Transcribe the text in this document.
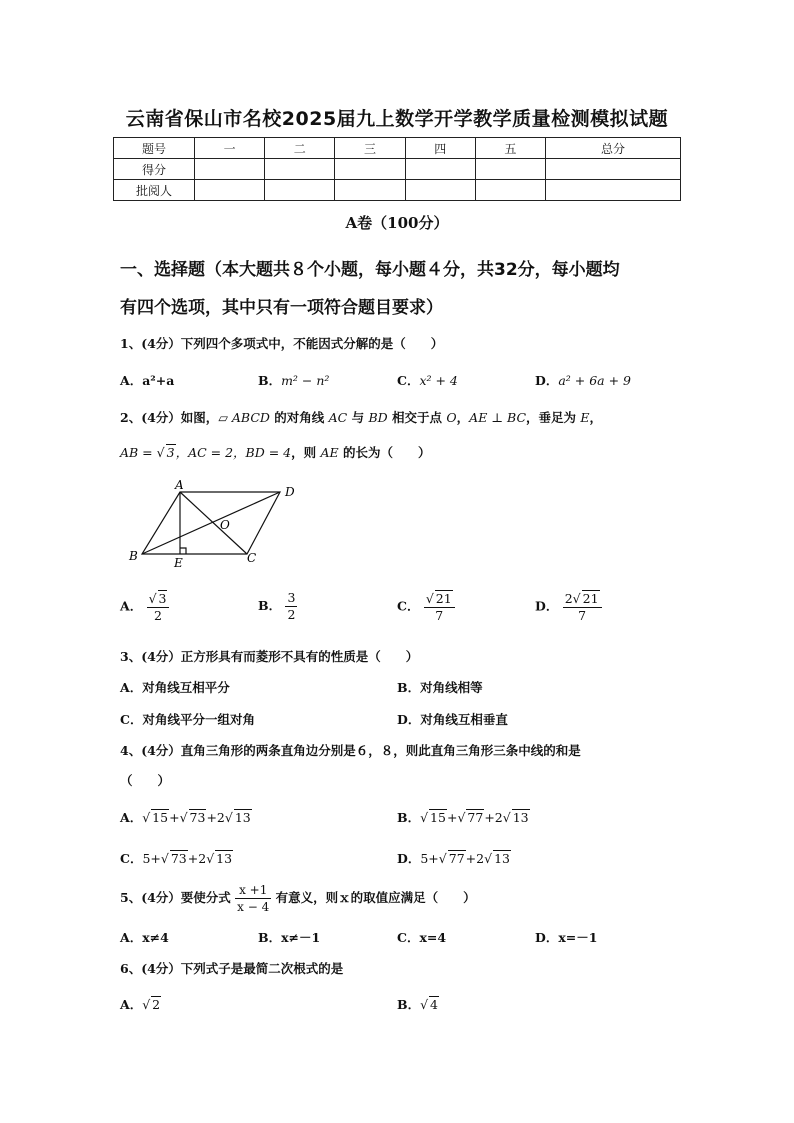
云南省保山市名校2025届九上数学开学教学质量检测模拟试题
题号	一	二	三	四	五	总分
得分						
批阅人						
A卷（100分）
一、选择题（本大题共８个小题，每小题４分，共32分，每小题均
有四个选项，其中只有一项符合题目要求）
1、(4分）下列四个多项式中，不能因式分解的是（　　）
A．a²+a	B．m² − n²	C．x² + 4	D．a² + 6a + 9
2、(4分）如图，▱ ABCD 的对角线 AC 与 BD 相交于点 O，AE ⊥ BC，垂足为 E，
AB = √ 3，AC = 2，BD = 4，则 AE 的长为（　　）
A	D
B	C
E
O
A． $\frac{√ 3}{2}$	B． $\frac{3}{2}$	C． $\frac{√ 21}{7}$	D． $\frac{2√ 21}{7}$
3、(4分）正方形具有而菱形不具有的性质是（　　）
A．对角线互相平分	B．对角线相等
C．对角线平分一组对角	D．对角线互相垂直
4、(4分）直角三角形的两条直角边分别是６，８，则此直角三角形三条中线的和是
（　　）
A．√ 15+√ 73+2√ 13	B．√ 15+√ 77+2√ 13
C．5+√ 73+2√ 13	D．5+√ 77+2√ 13
5、(4分）要使分式 $\frac{x +1}{x - 4}$ 有意义，则ｘ的取值应满足（　　）
A．x≠4	B．x≠－1	C．x=4	D．x=－1
6、(4分）下列式子是最简二次根式的是
A．√ 2	B．√ 4
